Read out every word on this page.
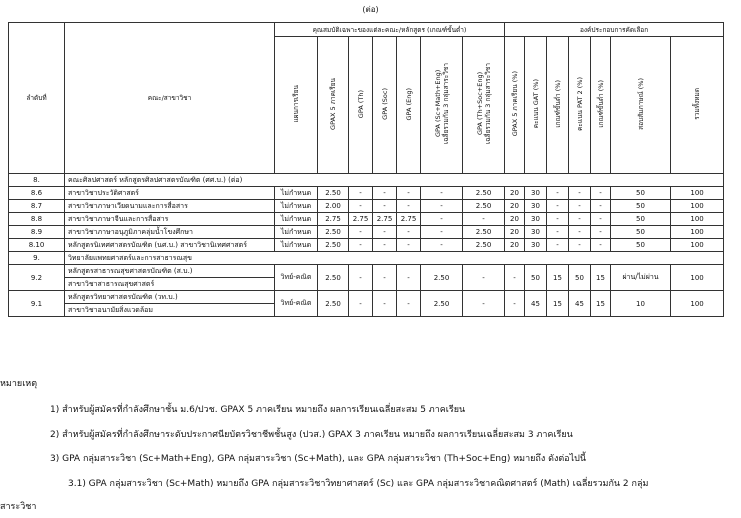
(ต่อ)
ลำดับที่	คณะ/สาขาวิชา	คุณสมบัติเฉพาะของแต่ละคณะ/หลักสูตร (เกณฑ์ขั้นต่ำ)							องค์ประกอบการคัดเลือก						

		แผนการเรียน	GPAX 5 ภาคเรียน	GPA (Th)	GPA (Soc)	GPA (Eng)	GPA (Sc+Math+Eng) เฉลี่ยรวมกัน 3 กลุ่มสาระวิชา	GPA (Th+Soc+Eng) เฉลี่ยรวมกัน 3 กลุ่มสาระวิชา	GPAX 5 ภาคเรียน (%)	คะแนน GAT (%)	เกณฑ์ขั้นต่ำ (%)	คะแนน PAT 2 (%)	เกณฑ์ขั้นต่ำ (%)	สอบสัมภาษณ์ (%)	รวมทั้งหมด

8.	คณะศิลปศาสตร์ หลักสูตรศิลปศาสตรบัณฑิต (ศศ.บ.) (ต่อ)														
8.6	สาขาวิชาประวัติศาสตร์	ไม่กำหนด	2.50	-	-	-	-	2.50	20	30	-	-	-	50	100
8.7	สาขาวิชาภาษาเวียดนามและการสื่อสาร	ไม่กำหนด	2.00	-	-	-	-	2.50	20	30	-	-	-	50	100
8.8	สาขาวิชาภาษาจีนและการสื่อสาร	ไม่กำหนด	2.75	2.75	2.75	2.75	-	-	20	30	-	-	-	50	100
8.9	สาขาวิชาภาษาอนุภูมิภาคลุ่มน้ำโขงศึกษา	ไม่กำหนด	2.50	-	-	-	-	2.50	20	30	-	-	-	50	100
8.10	หลักสูตรนิเทศศาสตรบัณฑิต (นศ.บ.) สาขาวิชานิเทศศาสตร์	ไม่กำหนด	2.50	-	-	-	-	2.50	20	30	-	-	-	50	100
9.	วิทยาลัยแพทยศาสตร์และการสาธารณสุข														
9.2	หลักสูตรสาธารณสุขศาสตรบัณฑิต (ส.บ.)	วิทย์-คณิต	2.50	-	-	-	2.50	-	-	50	15	50	15	ผ่าน/ไม่ผ่าน	100
	สาขาวิชาสาธารณสุขศาสตร์														
9.1	หลักสูตรวิทยาศาสตรบัณฑิต (วท.บ.)	วิทย์-คณิต	2.50	-	-	-	2.50	-	-	45	15	45	15	10	100
	สาขาวิชาอนามัยสิ่งแวดล้อม														
หมายเหตุ
1) สำหรับผู้สมัครที่กำลังศึกษาชั้น ม.6/ปวช. GPAX 5 ภาคเรียน หมายถึง ผลการเรียนเฉลี่ยสะสม 5 ภาคเรียน
2) สำหรับผู้สมัครที่กำลังศึกษาระดับประกาศนียบัตรวิชาชีพชั้นสูง (ปวส.) GPAX 3 ภาคเรียน หมายถึง ผลการเรียนเฉลี่ยสะสม 3 ภาคเรียน
3) GPA กลุ่มสาระวิชา (Sc+Math+Eng), GPA กลุ่มสาระวิชา (Sc+Math), และ GPA กลุ่มสาระวิชา (Th+Soc+Eng) หมายถึง ดังต่อไปนี้
3.1) GPA กลุ่มสาระวิชา (Sc+Math) หมายถึง GPA กลุ่มสาระวิชาวิทยาศาสตร์ (Sc) และ GPA กลุ่มสาระวิชาคณิตศาสตร์ (Math) เฉลี่ยรวมกัน 2 กลุ่ม
สาระวิชา
